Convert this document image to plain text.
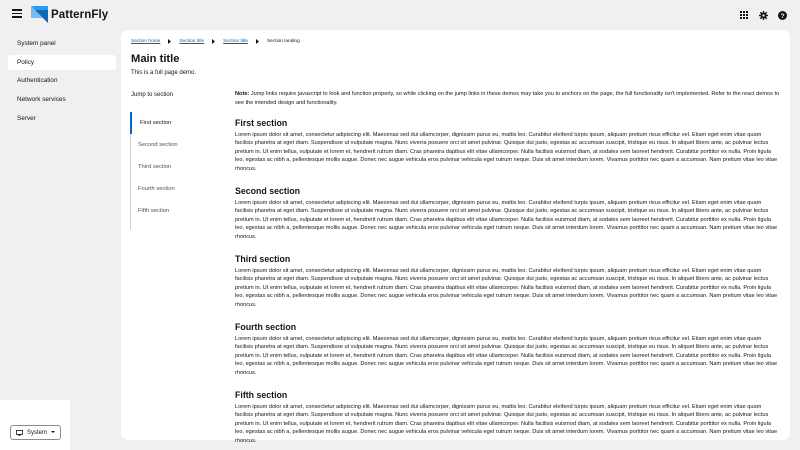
PatternFly	?
System panel
Policy
Authentication
Network services
Server
System
Section home	Section title	Section title	Section landing
Main title

This is a full page demo.

Jump to section
First section
Second section
Third section
Fourth section
Fifth section

Note: Jump links require javascript to look and function properly, so while clicking on the jump links in these demos may take you to anchors on the page, the full functionality isn't implemented. Refer to the react demos to see the intended design and functionality.

First section

Lorem ipsum dolor sit amet, consectetur adipiscing elit. Maecenas sed dui ullamcorper, dignissim purus eu, mattis leo. Curabitur eleifend turpis ipsum, aliquam pretium risus efficitur vel. Etiam eget enim vitae quam facilisis pharetra at eget diam. Suspendisse ut vulputate magna. Nunc viverra posuere orci sit amet pulvinar. Quisque dui justo, egestas ac accumsan suscipit, tristique eu risus. In aliquet libero ante, ac pulvinar lectus pretium in. Ut enim tellus, vulputate et lorem et, hendrerit rutrum diam. Cras pharetra dapibus elit vitae ullamcorper. Nulla facilisis euismod diam, at sodales sem laoreet hendrerit. Curabitur porttitor ex nulla. Proin ligula leo, egestas ac nibh a, pellentesque mollis augue. Donec nec augue vehicula eros pulvinar vehicula eget rutrum neque. Duis sit amet interdum lorem. Vivamus porttitor nec quam a accumsan. Nam pretium vitae leo vitae rhoncus.

Second section

Lorem ipsum dolor sit amet, consectetur adipiscing elit. Maecenas sed dui ullamcorper, dignissim purus eu, mattis leo. Curabitur eleifend turpis ipsum, aliquam pretium risus efficitur vel. Etiam eget enim vitae quam facilisis pharetra at eget diam. Suspendisse ut vulputate magna. Nunc viverra posuere orci sit amet pulvinar. Quisque dui justo, egestas ac accumsan suscipit, tristique eu risus. In aliquet libero ante, ac pulvinar lectus pretium in. Ut enim tellus, vulputate et lorem et, hendrerit rutrum diam. Cras pharetra dapibus elit vitae ullamcorper. Nulla facilisis euismod diam, at sodales sem laoreet hendrerit. Curabitur porttitor ex nulla. Proin ligula leo, egestas ac nibh a, pellentesque mollis augue. Donec nec augue vehicula eros pulvinar vehicula eget rutrum neque. Duis sit amet interdum lorem. Vivamus porttitor nec quam a accumsan. Nam pretium vitae leo vitae rhoncus.

Third section

Lorem ipsum dolor sit amet, consectetur adipiscing elit. Maecenas sed dui ullamcorper, dignissim purus eu, mattis leo. Curabitur eleifend turpis ipsum, aliquam pretium risus efficitur vel. Etiam eget enim vitae quam facilisis pharetra at eget diam. Suspendisse ut vulputate magna. Nunc viverra posuere orci sit amet pulvinar. Quisque dui justo, egestas ac accumsan suscipit, tristique eu risus. In aliquet libero ante, ac pulvinar lectus pretium in. Ut enim tellus, vulputate et lorem et, hendrerit rutrum diam. Cras pharetra dapibus elit vitae ullamcorper. Nulla facilisis euismod diam, at sodales sem laoreet hendrerit. Curabitur porttitor ex nulla. Proin ligula leo, egestas ac nibh a, pellentesque mollis augue. Donec nec augue vehicula eros pulvinar vehicula eget rutrum neque. Duis sit amet interdum lorem. Vivamus porttitor nec quam a accumsan. Nam pretium vitae leo vitae rhoncus.

Fourth section

Lorem ipsum dolor sit amet, consectetur adipiscing elit. Maecenas sed dui ullamcorper, dignissim purus eu, mattis leo. Curabitur eleifend turpis ipsum, aliquam pretium risus efficitur vel. Etiam eget enim vitae quam facilisis pharetra at eget diam. Suspendisse ut vulputate magna. Nunc viverra posuere orci sit amet pulvinar. Quisque dui justo, egestas ac accumsan suscipit, tristique eu risus. In aliquet libero ante, ac pulvinar lectus pretium in. Ut enim tellus, vulputate et lorem et, hendrerit rutrum diam. Cras pharetra dapibus elit vitae ullamcorper. Nulla facilisis euismod diam, at sodales sem laoreet hendrerit. Curabitur porttitor ex nulla. Proin ligula leo, egestas ac nibh a, pellentesque mollis augue. Donec nec augue vehicula eros pulvinar vehicula eget rutrum neque. Duis sit amet interdum lorem. Vivamus porttitor nec quam a accumsan. Nam pretium vitae leo vitae rhoncus.

Fifth section

Lorem ipsum dolor sit amet, consectetur adipiscing elit. Maecenas sed dui ullamcorper, dignissim purus eu, mattis leo. Curabitur eleifend turpis ipsum, aliquam pretium risus efficitur vel. Etiam eget enim vitae quam facilisis pharetra at eget diam. Suspendisse ut vulputate magna. Nunc viverra posuere orci sit amet pulvinar. Quisque dui justo, egestas ac accumsan suscipit, tristique eu risus. In aliquet libero ante, ac pulvinar lectus pretium in. Ut enim tellus, vulputate et lorem et, hendrerit rutrum diam. Cras pharetra dapibus elit vitae ullamcorper. Nulla facilisis euismod diam, at sodales sem laoreet hendrerit. Curabitur porttitor ex nulla. Proin ligula leo, egestas ac nibh a, pellentesque mollis augue. Donec nec augue vehicula eros pulvinar vehicula eget rutrum neque. Duis sit amet interdum lorem. Vivamus porttitor nec quam a accumsan. Nam pretium vitae leo vitae rhoncus.
